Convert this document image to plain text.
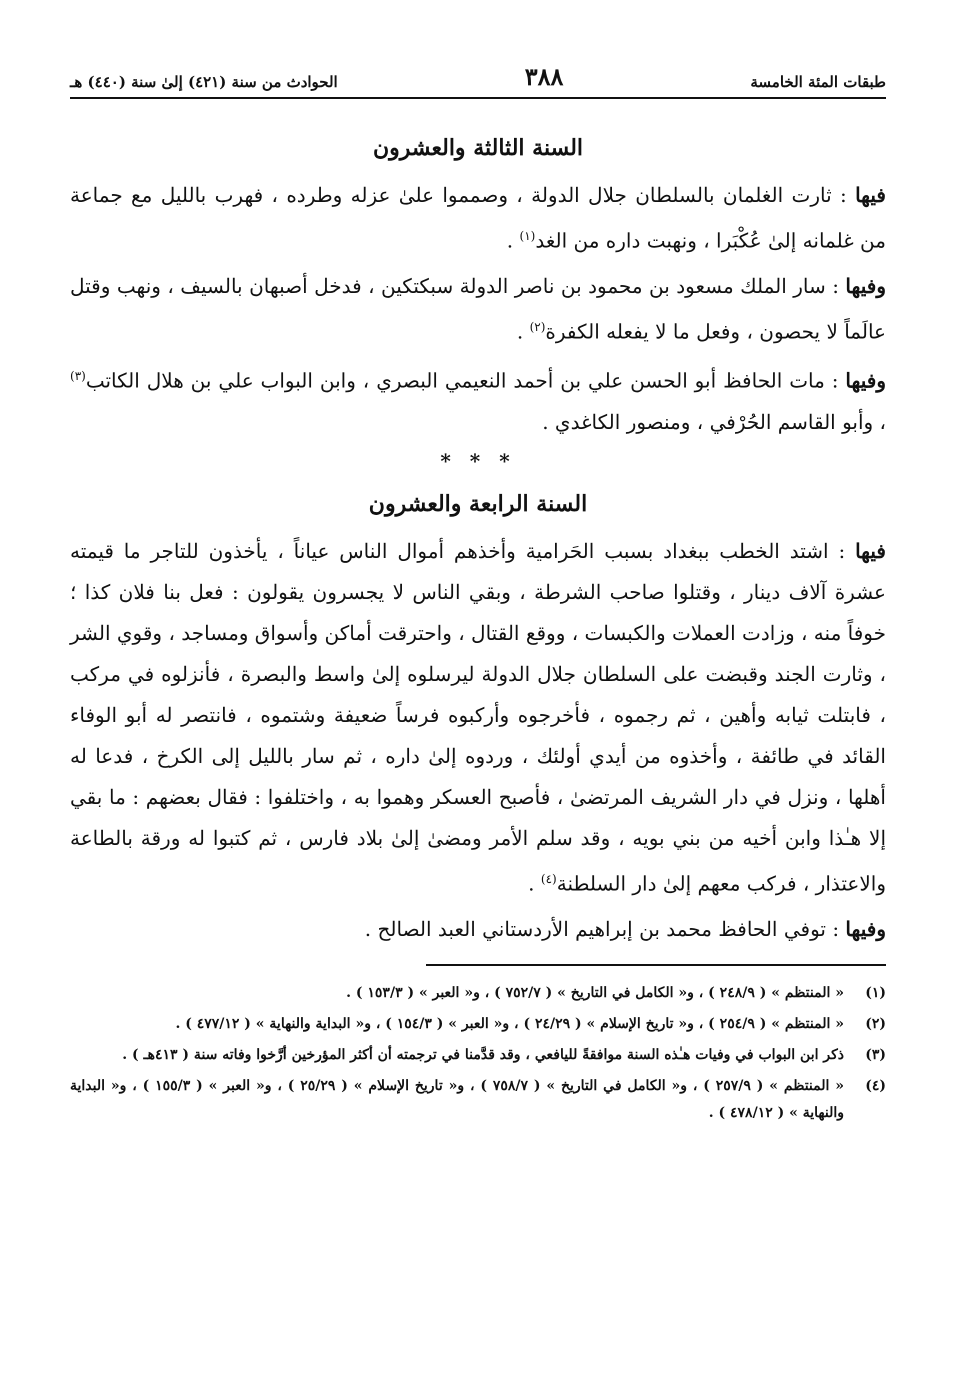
طبقات المئة الخامسة
٣٨٨
الحوادث من سنة (٤٢١) إلىٰ سنة (٤٤٠) هـ
السنة الثالثة والعشرون

فيها : ثارت الغلمان بالسلطان جلال الدولة ، وصمموا علىٰ عزله وطرده ، فهرب بالليل مع جماعة من غلمانه إلىٰ عُكْبَرا ، ونهبت داره من الغد$^{(١)}$ .

وفيها : سار الملك مسعود بن محمود بن ناصر الدولة سبكتكين ، فدخل أصبهان بالسيف ، ونهب وقتل عالَماً لا يحصون ، وفعل ما لا يفعله الكفرة$^{(٢)}$ .

وفيها : مات الحافظ أبو الحسن علي بن أحمد النعيمي البصري ، وابن البواب علي بن هلال الكاتب$^{(٣)}$ ، وأبو القاسم الحُرْفي ، ومنصور الكاغدي .

* * *
السنة الرابعة والعشرون

فيها : اشتد الخطب ببغداد بسبب الحَرامية وأخذهم أموال الناس عياناً ، يأخذون للتاجر ما قيمته عشرة آلاف دينار ، وقتلوا صاحب الشرطة ، وبقي الناس لا يجسرون يقولون : فعل بنا فلان كذا ؛ خوفاً منه ، وزادت العملات والكبسات ، ووقع القتال ، واحترقت أماكن وأسواق ومساجد ، وقوي الشر ، وثارت الجند وقبضت على السلطان جلال الدولة ليرسلوه إلىٰ واسط والبصرة ، فأنزلوه في مركب ، فابتلت ثيابه وأهين ، ثم رجموه ، فأخرجوه وأركبوه فرساً ضعيفة وشتموه ، فانتصر له أبو الوفاء القائد في طائفة ، وأخذوه من أيدي أولئك ، وردوه إلىٰ داره ، ثم سار بالليل إلى الكرخ ، فدعا له أهلها ، ونزل في دار الشريف المرتضىٰ ، فأصبح العسكر وهموا به ، واختلفوا : فقال بعضهم : ما بقي إلا هـٰذا وابن أخيه من بني بويه ، وقد سلم الأمر ومضىٰ إلىٰ بلاد فارس ، ثم كتبوا له ورقة بالطاعة والاعتذار ، فركب معهم إلىٰ دار السلطنة$^{(٤)}$ .

وفيها : توفي الحافظ محمد بن إبراهيم الأردستاني العبد الصالح .

(١)
« المنتظم » ( ٢٤٨/٩ ) ، و« الكامل في التاريخ » ( ٧٥٢/٧ ) ، و« العبر » ( ١٥٣/٣ ) .
(٢)
« المنتظم » ( ٢٥٤/٩ ) ، و« تاريخ الإسلام » ( ٢٤/٢٩ ) ، و« العبر » ( ١٥٤/٣ ) ، و« البداية والنهاية » ( ٤٧٧/١٢ ) .
(٣)
ذكر ابن البواب في وفيات هـٰذه السنة موافقةً لليافعي ، وقد قدَّمنا في ترجمته أن أكثر المؤرخين أرَّخوا وفاته سنة ( ٤١٣هـ ) .
(٤)
« المنتظم » ( ٢٥٧/٩ ) ، و« الكامل في التاريخ » ( ٧٥٨/٧ ) ، و« تاريخ الإسلام » ( ٢٥/٢٩ ) ، و« العبر » ( ١٥٥/٣ ) ، و« البداية والنهاية » ( ٤٧٨/١٢ ) .
